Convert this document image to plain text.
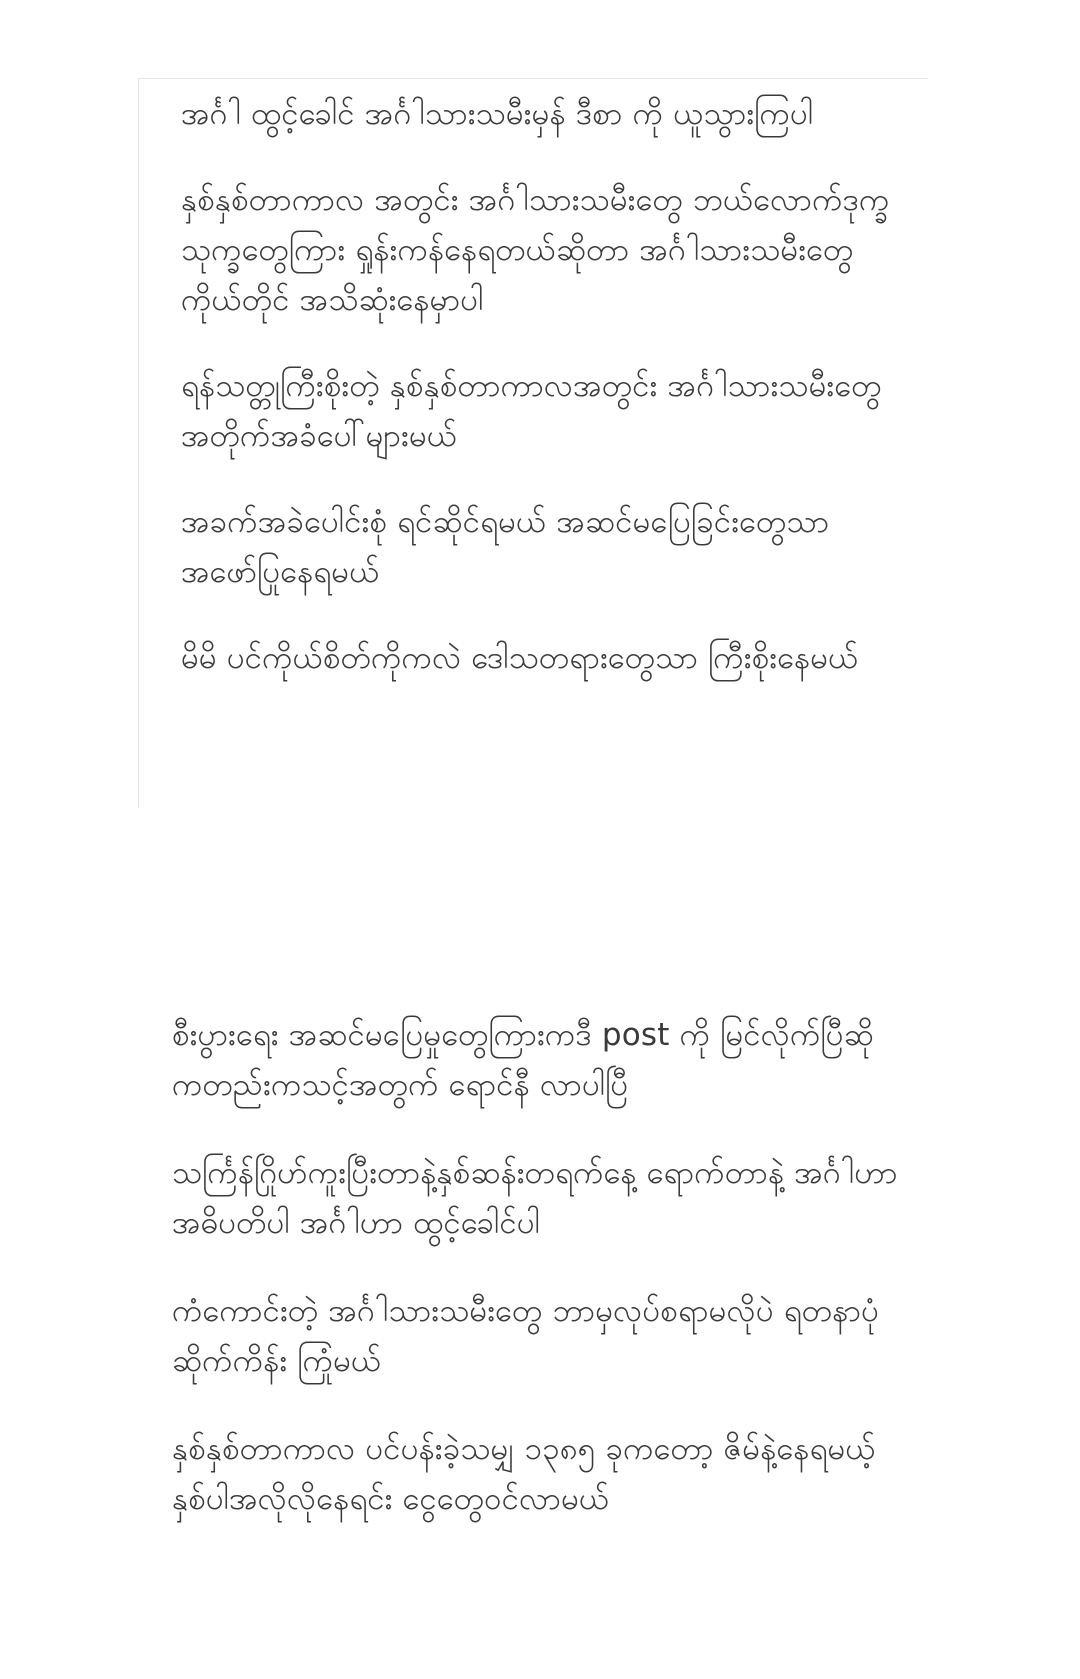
အင်္ဂါ ထွင့်ခေါင် အင်္ဂါသားသမီးမှန် ဒီစာ ကို ယူသွားကြပါ

နှစ်နှစ်တာကာလ အတွင်း အင်္ဂါသားသမီးတွေ ဘယ်လောက်ဒုက္ခ သုက္ခတွေကြား ရှုန်းကန်နေရတယ်ဆိုတာ အင်္ဂါသားသမီးတွေ ကိုယ်တိုင် အသိဆုံးနေမှာပါ

ရန်သတ္တုကြီးစိုးတဲ့ နှစ်နှစ်တာကာလအတွင်း အင်္ဂါသားသမီးတွေအတိုက်အခံပေါ်များမယ်

အခက်အခဲပေါင်းစုံ ရင်ဆိုင်ရမယ် အဆင်မပြေခြင်းတွေသာ အဖော်ပြုနေရမယ်

မိမိ ပင်ကိုယ်စိတ်ကိုကလဲ ဒေါသတရားတွေသာ ကြီးစိုးနေမယ်

စီးပွားရေး အဆင်မပြေမှုတွေကြားကဒီ post ကို မြင်လိုက်ပြီဆိုကတည်းကသင့်အတွက် ရောင်နီ လာပါပြီ

သင်္ကြန်ဂြိုဟ်ကူးပြီးတာနဲ့နှစ်ဆန်းတရက်နေ့ ရောက်တာနဲ့ အင်္ဂါဟာ အဓိပတိပါ အင်္ဂါဟာ ထွင့်ခေါင်ပါ

ကံကောင်းတဲ့ အင်္ဂါသားသမီးတွေ ဘာမှလုပ်စရာမလိုပဲ ရတနာပုံ ဆိုက်ကိန်း ကြုံမယ်

နှစ်နှစ်တာကာလ ပင်ပန်းခဲ့သမျှ ၁၃၈၅ ခုကတော့ ဇိမ်နဲ့နေရမယ့် နှစ်ပါအလိုလိုနေရင်း ငွေတွေဝင်လာမယ်
